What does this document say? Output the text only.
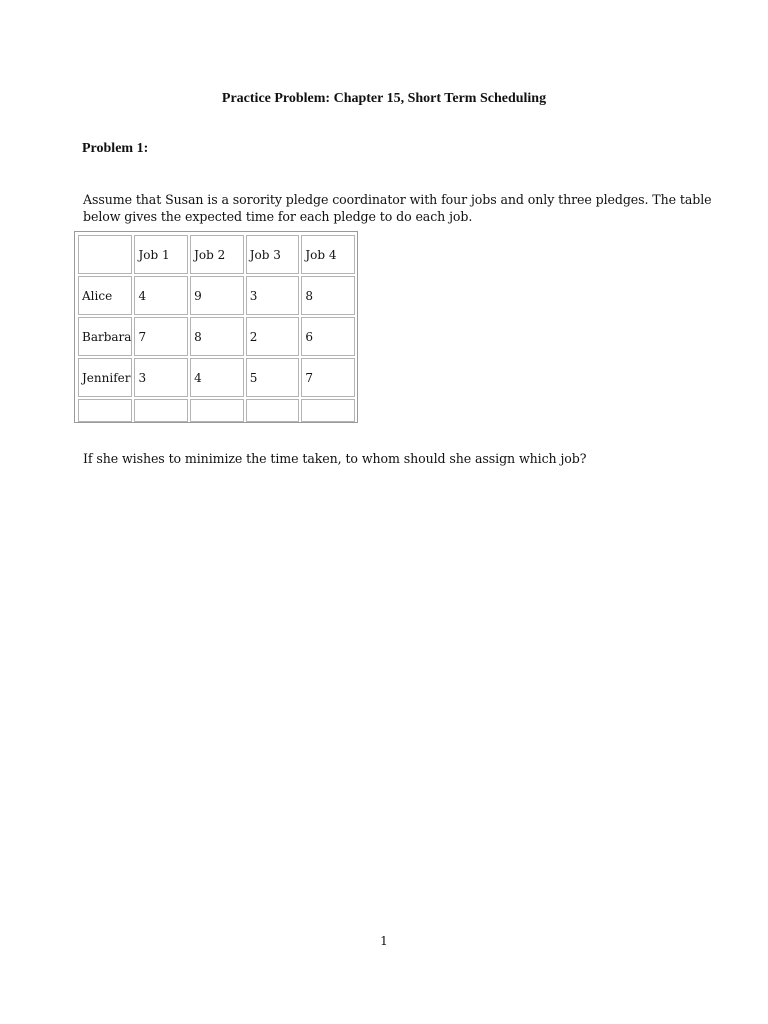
Practice Problem: Chapter 15, Short Term Scheduling
Problem 1:

Assume that Susan is a sorority pledge coordinator with four jobs and only three pledges. The table
below gives the expected time for each pledge to do each job.

	Job 1	Job 2	Job 3	Job 4
Alice	4	9	3	8
Barbara	7	8	2	6
Jennifer	3	4	5	7

If she wishes to minimize the time taken, to whom should she assign which job?

1
